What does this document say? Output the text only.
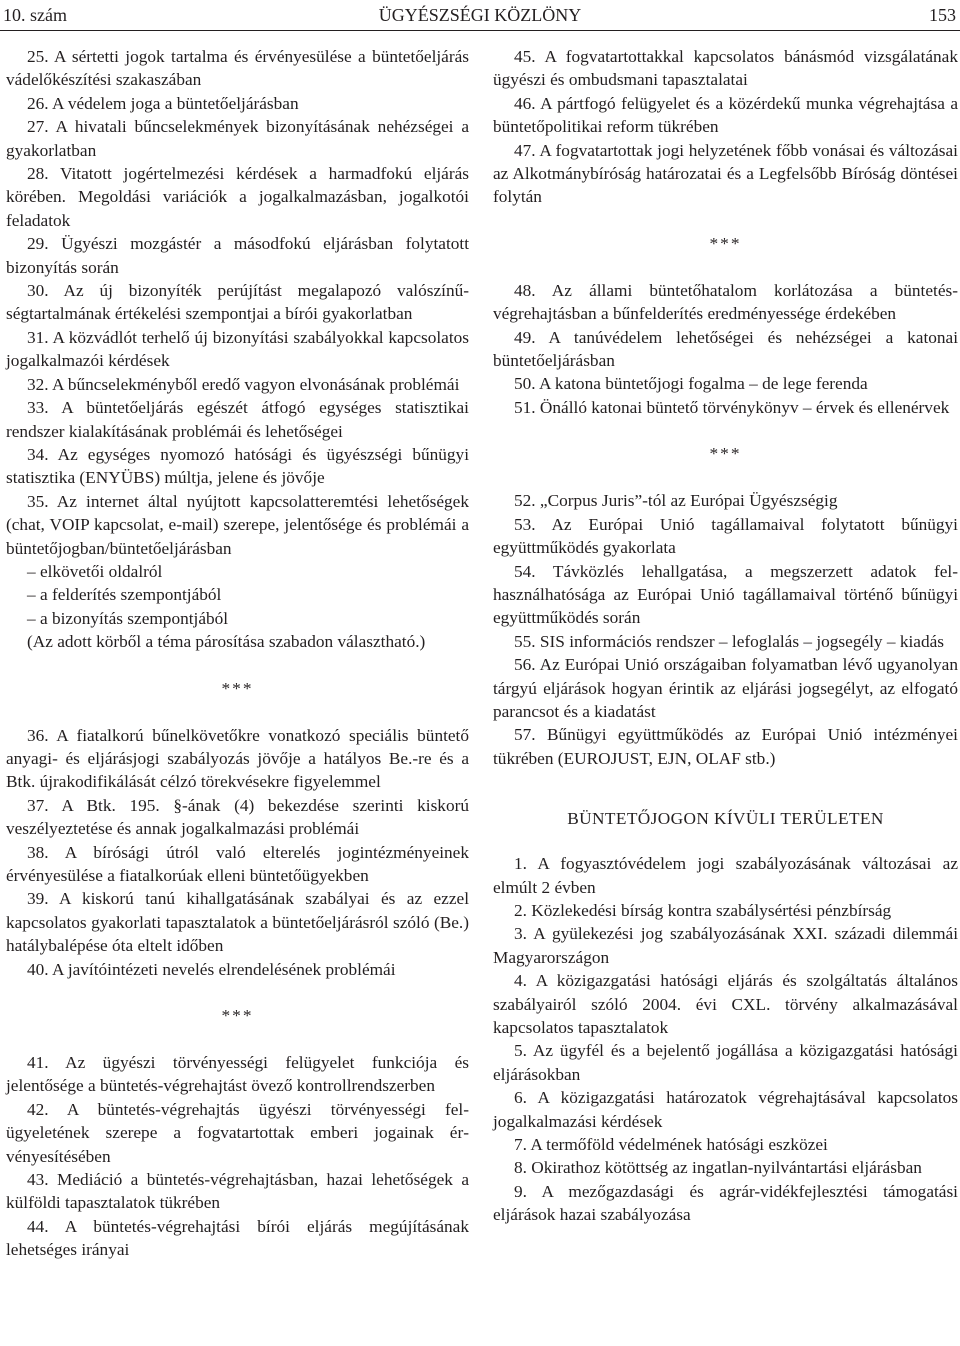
ÜGYÉSZSÉGI KÖZLÖNY
10. szám	153
25. A sértetti jogok tartalma és érvényesülése a büntetőeljárás vádelőkészítési szakaszában
26. A védelem joga a büntetőeljárásban
27. A hivatali bűncselekmények bizonyításának nehézségei a gyakorlatban
28. Vitatott jogértelmezési kérdések a harmadfokú eljárás körében. Megoldási variációk a jogalkalmazásban, jogalkotói feladatok
29. Ügyészi mozgástér a másodfokú eljárásban folytatott bizonyítás során
30. Az új bizonyíték perújítást megalapozó valószínűségtartalmának értékelési szempontjai a bírói gyakorlatban
31. A közvádlót terhelő új bizonyítási szabályokkal kapcsolatos jogalkalmazói kérdések
32. A bűncselekményből eredő vagyon elvonásának problémái
33. A büntetőeljárás egészét átfogó egységes statisztikai rendszer kialakításának problémái és lehetőségei
34. Az egységes nyomozó hatósági és ügyészségi bűnügyi statisztika (ENYÜBS) múltja, jelene és jövője
35. Az internet által nyújtott kapcsolatteremtési lehetőségek (chat, VOIP kapcsolat, e-mail) szerepe, jelentősége és problémái a büntetőjogban/büntetőeljárásban
– elkövetői oldalról
– a felderítés szempontjából
– a bizonyítás szempontjából
(Az adott körből a téma párosítása szabadon választható.)
***
36. A fiatalkorú bűnelkövetőkre vonatkozó speciális büntető anyagi- és eljárásjogi szabályozás jövője a hatályos Be.-re és a Btk. újrakodifikálását célzó törekvésekre figyelemmel
37. A Btk. 195. §-ának (4) bekezdése szerinti kiskorú veszélyeztetése és annak jogalkalmazási problémái
38. A bírósági útról való elterelés jogintézményeinek érvényesülése a fiatalkorúak elleni büntetőügyekben
39. A kiskorú tanú kihallgatásának szabályai és az ezzel kapcsolatos gyakorlati tapasztalatok a büntetőeljárásról szóló (Be.) hatálybalépése óta eltelt időben
40. A javítóintézeti nevelés elrendelésének problémái
***
41. Az ügyészi törvényességi felügyelet funkciója és jelentősége a büntetés-végrehajtást övező kontrollrendszerben
42. A büntetés-végrehajtás ügyészi törvényességi felügyeletének szerepe a fogvatartottak emberi jogainak érvényesítésében
43. Mediáció a büntetés-végrehajtásban, hazai lehetőségek a külföldi tapasztalatok tükrében
44. A büntetés-végrehajtási bírói eljárás megújításának lehetséges irányai
45. A fogvatartottakkal kapcsolatos bánásmód vizsgálatának ügyészi és ombudsmani tapasztalatai
46. A pártfogó felügyelet és a közérdekű munka végrehajtása a büntetőpolitikai reform tükrében
47. A fogvatartottak jogi helyzetének főbb vonásai és változásai az Alkotmánybíróság határozatai és a Legfelsőbb Bíróság döntései folytán
***
48. Az állami büntetőhatalom korlátozása a büntetésvégrehajtásban a bűnfelderítés eredményessége érdekében
49. A tanúvédelem lehetőségei és nehézségei a katonai büntetőeljárásban
50. A katona büntetőjogi fogalma – de lege ferenda
51. Önálló katonai büntető törvénykönyv – érvek és ellenérvek
***
52. „Corpus Juris”-tól az Európai Ügyészségig
53. Az Európai Unió tagállamaival folytatott bűnügyi együttműködés gyakorlata
54. Távközlés lehallgatása, a megszerzett adatok felhasználhatósága az Európai Unió tagállamaival történő bűnügyi együttműködés során
55. SIS információs rendszer – lefoglalás – jogsegély – kiadás
56. Az Európai Unió országaiban folyamatban lévő ugyanolyan tárgyú eljárások hogyan érintik az eljárási jogsegélyt, az elfogató parancsot és a kiadatást
57. Bűnügyi együttműködés az Európai Unió intézményei tükrében (EUROJUST, EJN, OLAF stb.)
BÜNTETŐJOGON KÍVÜLI TERÜLETEN
1. A fogyasztóvédelem jogi szabályozásának változásai az elmúlt 2 évben
2. Közlekedési bírság kontra szabálysértési pénzbírság
3. A gyülekezési jog szabályozásának XXI. századi dilemmái Magyarországon
4. A közigazgatási hatósági eljárás és szolgáltatás általános szabályairól szóló 2004. évi CXL. törvény alkalmazásával kapcsolatos tapasztalatok
5. Az ügyfél és a bejelentő jogállása a közigazgatási hatósági eljárásokban
6. A közigazgatási határozatok végrehajtásával kapcsolatos jogalkalmazási kérdések
7. A termőföld védelmének hatósági eszközei
8. Okirathoz kötöttség az ingatlan-nyilvántartási eljárásban
9. A mezőgazdasági és agrár-vidékfejlesztési támogatási eljárások hazai szabályozása
